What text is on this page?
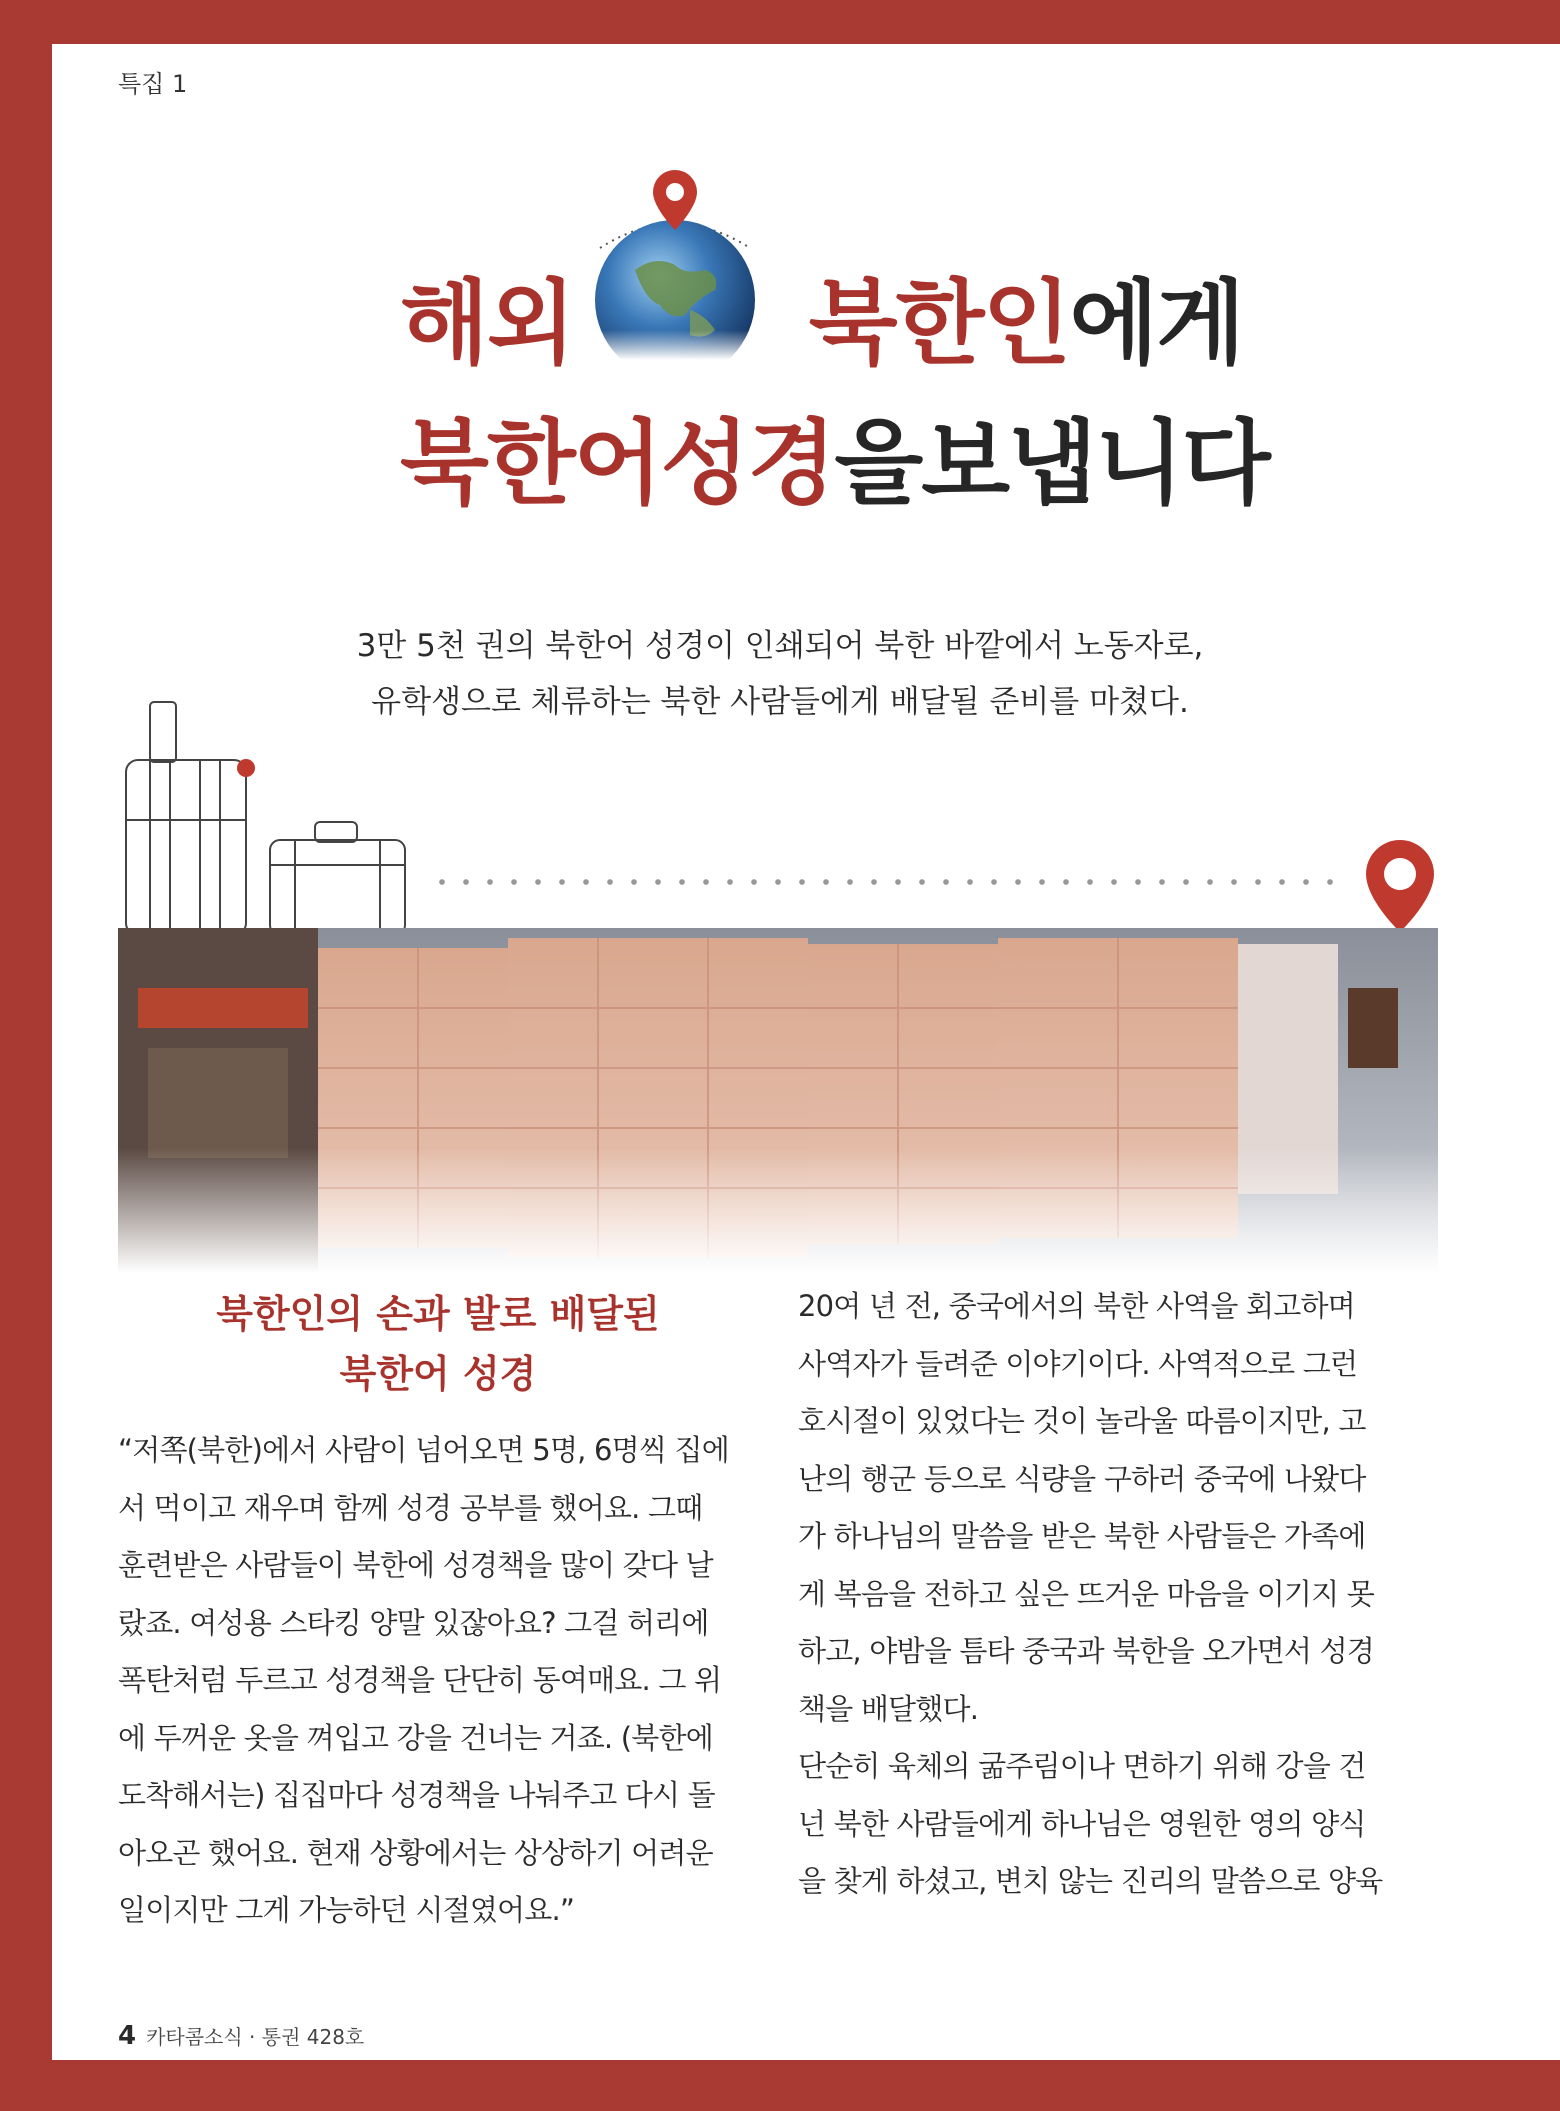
특집 1
해외	북한인에게
북한어성경을보냅니다
3만 5천 권의 북한어 성경이 인쇄되어 북한 바깥에서 노동자로,
유학생으로 체류하는 북한 사람들에게 배달될 준비를 마쳤다.
북한인의 손과 발로 배달된
북한어 성경

“저쪽(북한)에서 사람이 넘어오면 5명, 6명씩 집에

서 먹이고 재우며 함께 성경 공부를 했어요. 그때

훈련받은 사람들이 북한에 성경책을 많이 갖다 날

랐죠. 여성용 스타킹 양말 있잖아요? 그걸 허리에

폭탄처럼 두르고 성경책을 단단히 동여매요. 그 위

에 두꺼운 옷을 껴입고 강을 건너는 거죠. (북한에

도착해서는) 집집마다 성경책을 나눠주고 다시 돌

아오곤 했어요. 현재 상황에서는 상상하기 어려운

일이지만 그게 가능하던 시절였어요.”

20여 년 전, 중국에서의 북한 사역을 회고하며

사역자가 들려준 이야기이다. 사역적으로 그런

호시절이 있었다는 것이 놀라울 따름이지만, 고

난의 행군 등으로 식량을 구하러 중국에 나왔다

가 하나님의 말씀을 받은 북한 사람들은 가족에

게 복음을 전하고 싶은 뜨거운 마음을 이기지 못

하고, 야밤을 틈타 중국과 북한을 오가면서 성경

책을 배달했다.

단순히 육체의 굶주림이나 면하기 위해 강을 건

넌 북한 사람들에게 하나님은 영원한 영의 양식

을 찾게 하셨고, 변치 않는 진리의 말씀으로 양육

4 카타콤소식 · 통권 428호
